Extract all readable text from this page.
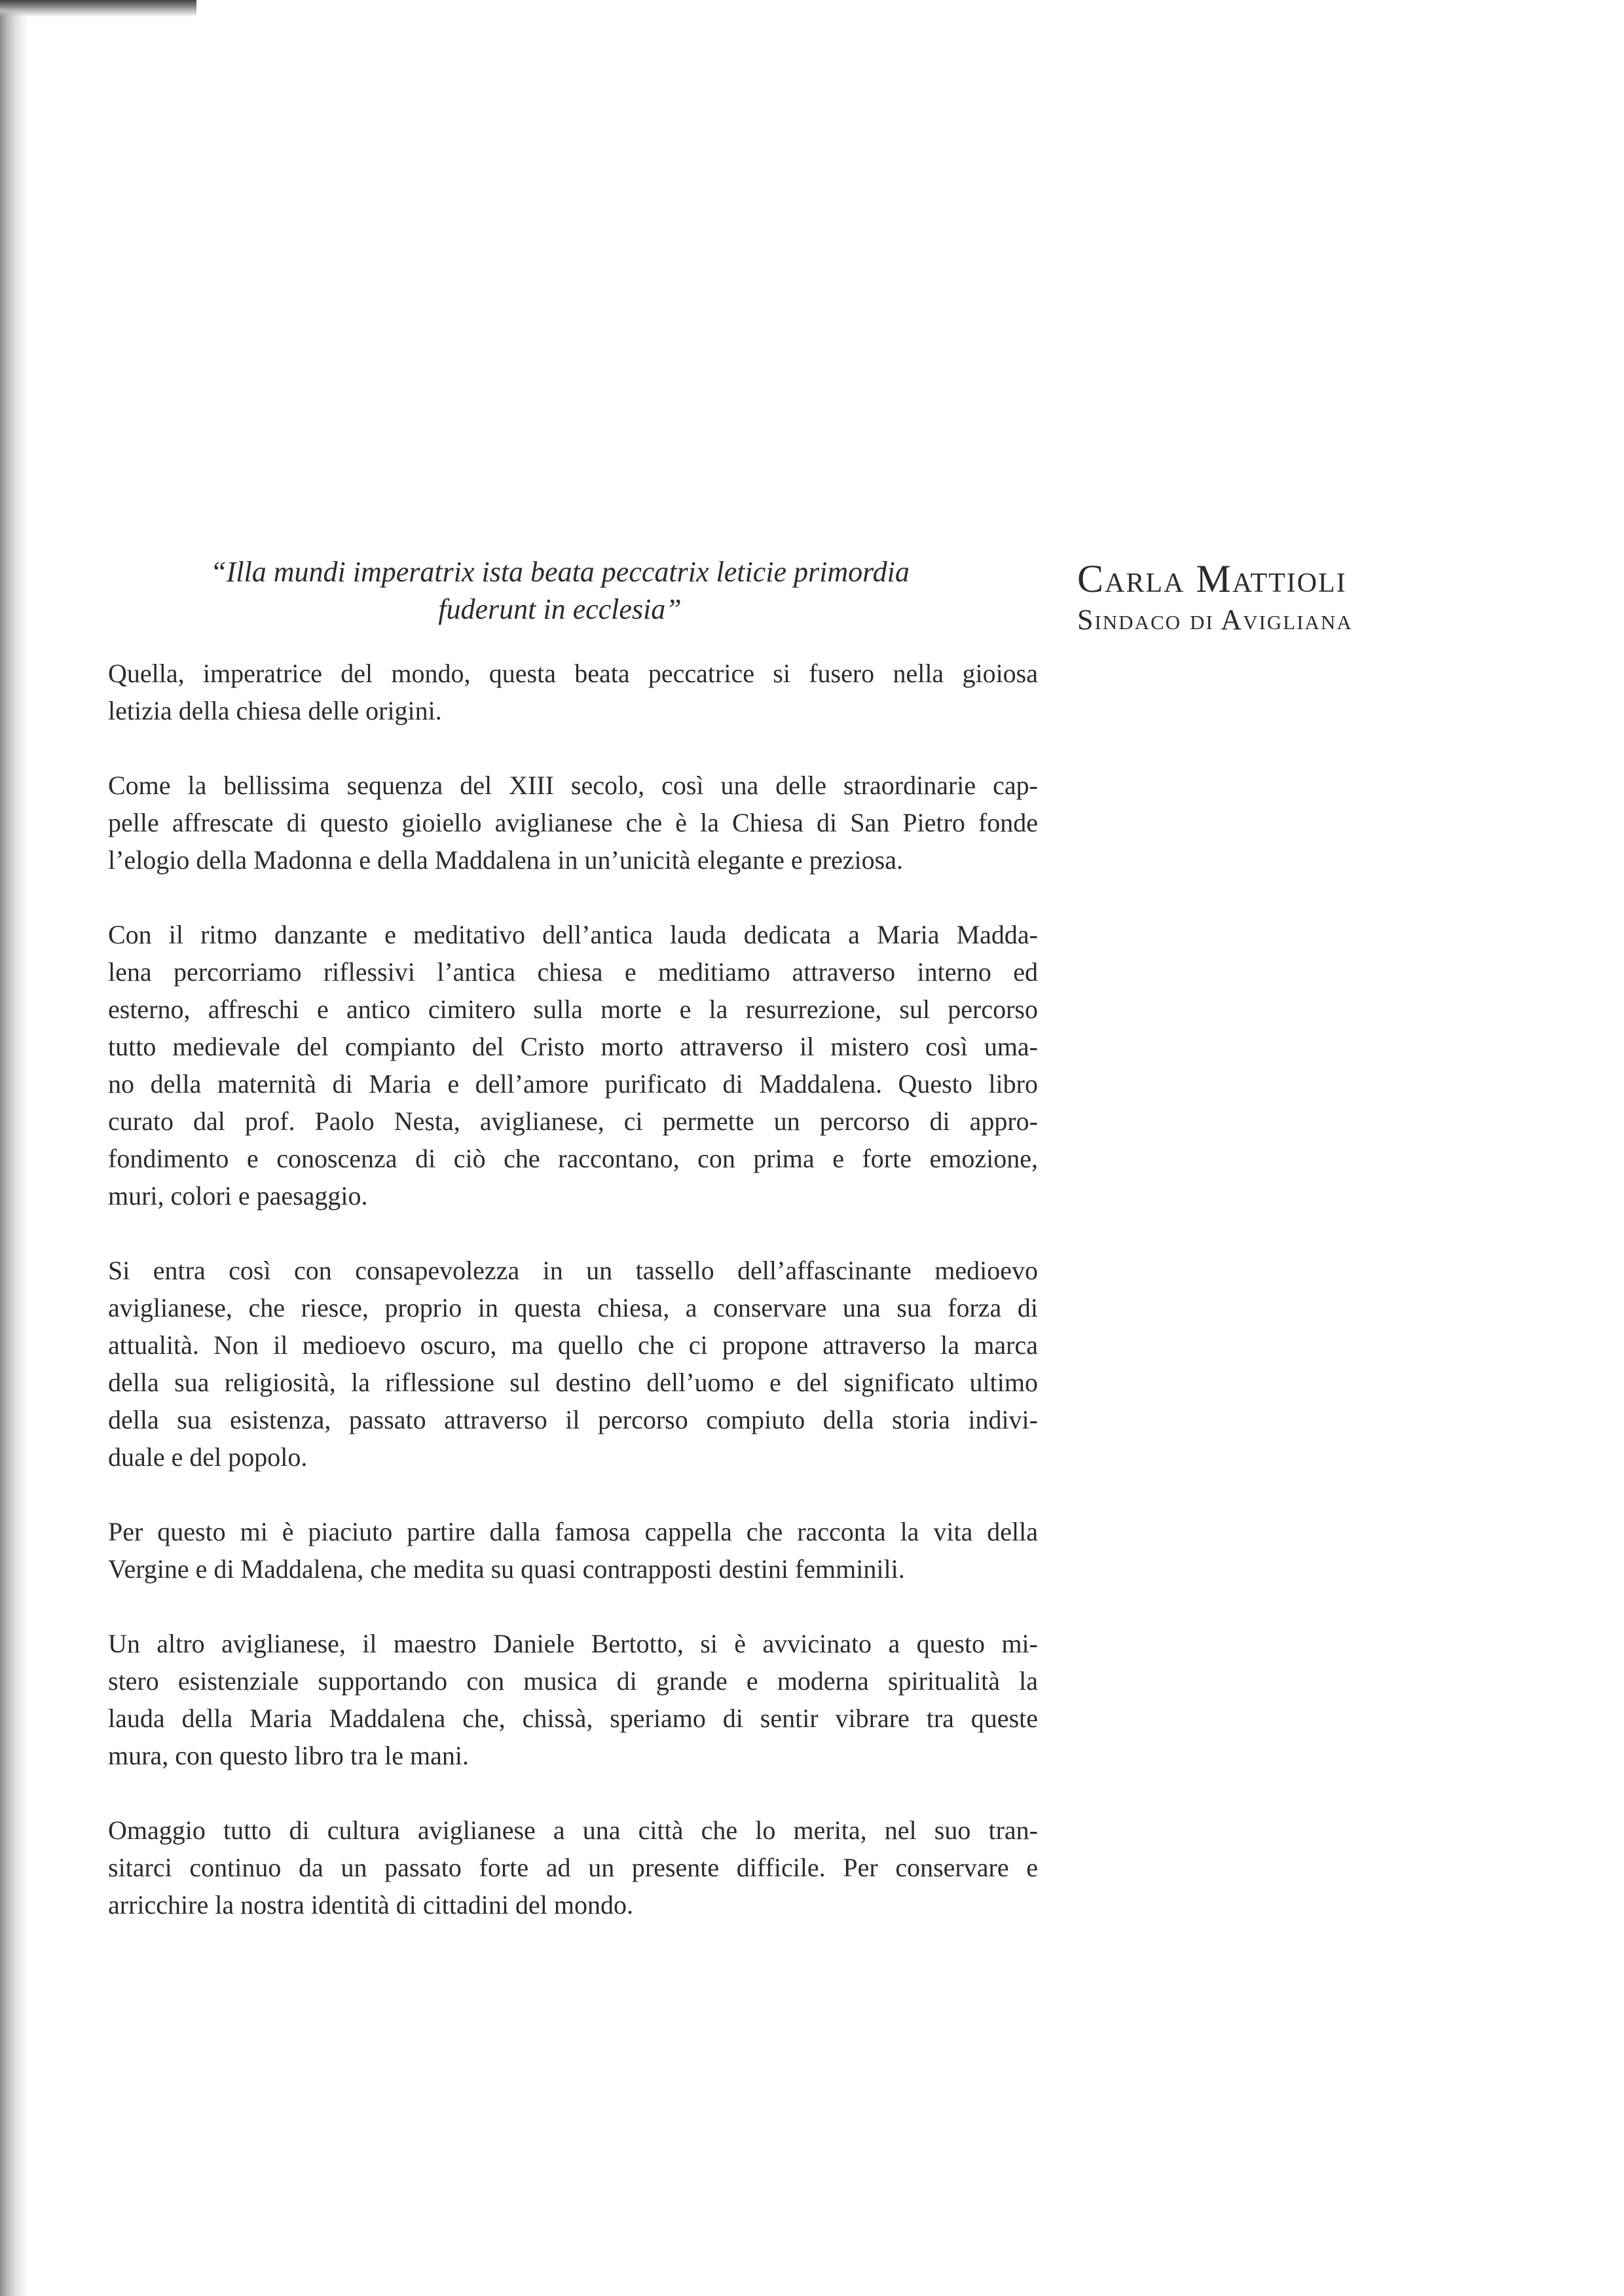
“Illa mundi imperatrix ista beata peccatrix leticie primordia
fuderunt in ecclesia”
Carla Mattioli
Sindaco di Avigliana

Quella, imperatrice del mondo, questa beata peccatrice si fusero nella gioiosa
letizia della chiesa delle origini.

Come la bellissima sequenza del XIII secolo, così una delle straordinarie cap-
pelle affrescate di questo gioiello aviglianese che è la Chiesa di San Pietro fonde
l’elogio della Madonna e della Maddalena in un’unicità elegante e preziosa.

Con il ritmo danzante e meditativo dell’antica lauda dedicata a Maria Madda-
lena percorriamo riflessivi l’antica chiesa e meditiamo attraverso interno ed
esterno, affreschi e antico cimitero sulla morte e la resurrezione, sul percorso
tutto medievale del compianto del Cristo morto attraverso il mistero così uma-
no della maternità di Maria e dell’amore purificato di Maddalena. Questo libro
curato dal prof. Paolo Nesta, aviglianese, ci permette un percorso di appro-
fondimento e conoscenza di ciò che raccontano, con prima e forte emozione,
muri, colori e paesaggio.

Si entra così con consapevolezza in un tassello dell’affascinante medioevo
aviglianese, che riesce, proprio in questa chiesa, a conservare una sua forza di
attualità. Non il medioevo oscuro, ma quello che ci propone attraverso la marca
della sua religiosità, la riflessione sul destino dell’uomo e del significato ultimo
della sua esistenza, passato attraverso il percorso compiuto della storia indivi-
duale e del popolo.

Per questo mi è piaciuto partire dalla famosa cappella che racconta la vita della
Vergine e di Maddalena, che medita su quasi contrapposti destini femminili.

Un altro aviglianese, il maestro Daniele Bertotto, si è avvicinato a questo mi-
stero esistenziale supportando con musica di grande e moderna spiritualità la
lauda della Maria Maddalena che, chissà, speriamo di sentir vibrare tra queste
mura, con questo libro tra le mani.

Omaggio tutto di cultura aviglianese a una città che lo merita, nel suo tran-
sitarci continuo da un passato forte ad un presente difficile. Per conservare e
arricchire la nostra identità di cittadini del mondo.
